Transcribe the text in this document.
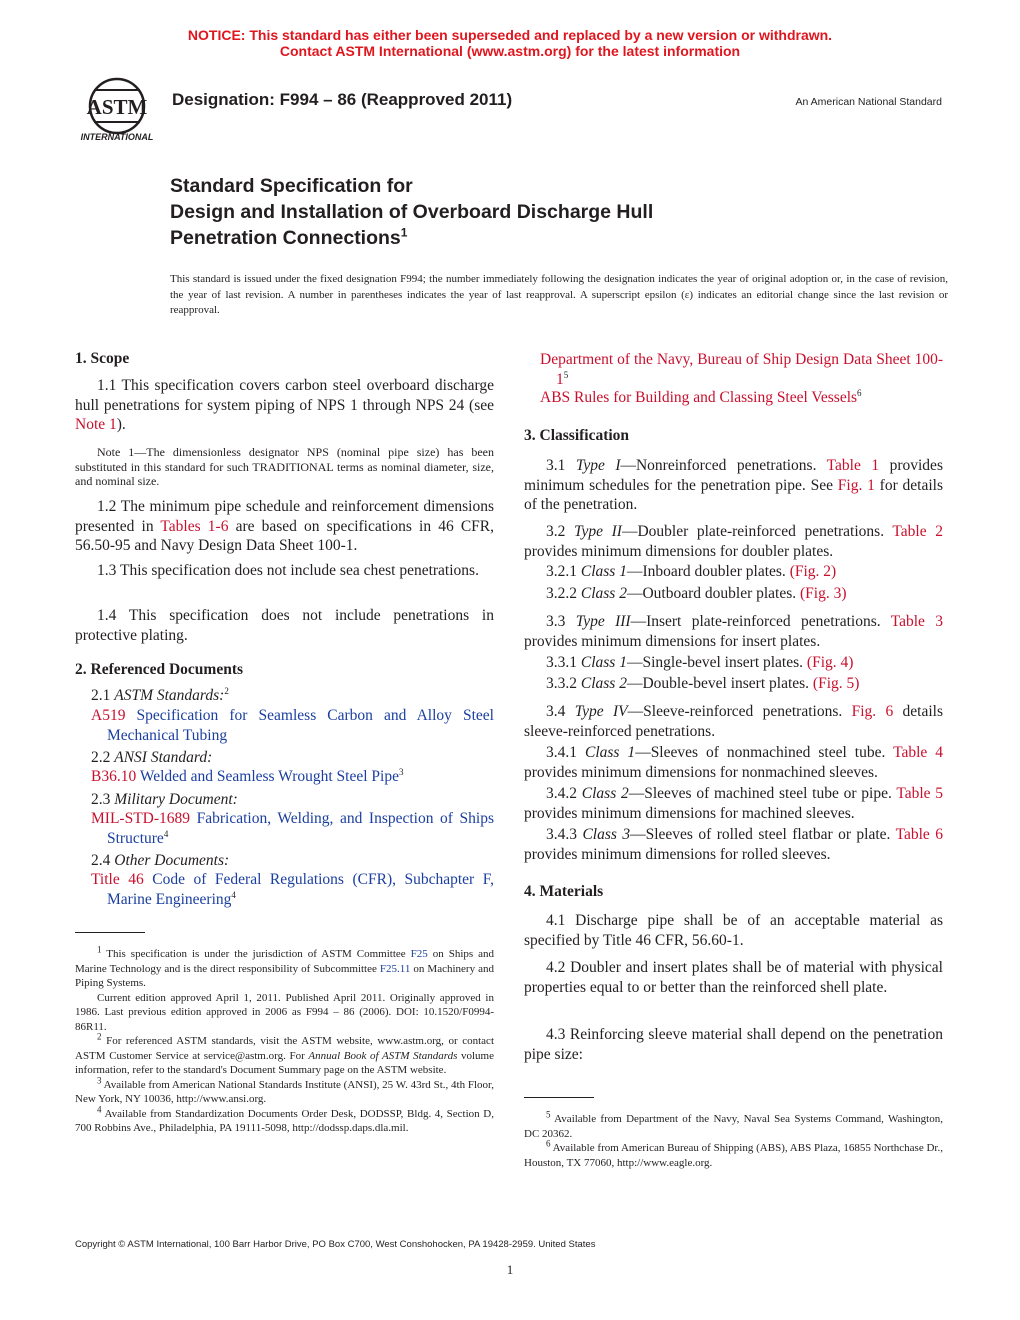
NOTICE: This standard has either been superseded and replaced by a new version or withdrawn.
Contact ASTM International (www.astm.org) for the latest information
ASTM
INTERNATIONAL
Designation: F994 – 86 (Reapproved 2011)	An American National Standard
Standard Specification for
Design and Installation of Overboard Discharge Hull
Penetration Connections$^1$
This standard is issued under the fixed designation F994; the number immediately following the designation indicates the year of original adoption or, in the case of revision, the year of last revision. A number in parentheses indicates the year of last reapproval. A superscript epsilon (ε) indicates an editorial change since the last revision or reapproval.
1. Scope

1.1 This specification covers carbon steel overboard discharge hull penetrations for system piping of NPS 1 through NPS 24 (see Note 1).

Note 1—The dimensionless designator NPS (nominal pipe size) has been substituted in this standard for such TRADITIONAL terms as nominal diameter, size, and nominal size.

1.2 The minimum pipe schedule and reinforcement dimensions presented in Tables 1-6 are based on specifications in 46 CFR, 56.50-95 and Navy Design Data Sheet 100-1.

1.3 This specification does not include sea chest penetrations.

1.4 This specification does not include penetrations in protective plating.

2. Referenced Documents

2.1 ASTM Standards:$^2$

A519 Specification for Seamless Carbon and Alloy Steel Mechanical Tubing

2.2 ANSI Standard:

B36.10 Welded and Seamless Wrought Steel Pipe$^3$

2.3 Military Document:

MIL-STD-1689 Fabrication, Welding, and Inspection of Ships Structure$^4$

2.4 Other Documents:

Title 46 Code of Federal Regulations (CFR), Subchapter F, Marine Engineering$^4$

$^1$ This specification is under the jurisdiction of ASTM Committee F25 on Ships and Marine Technology and is the direct responsibility of Subcommittee F25.11 on Machinery and Piping Systems.

Current edition approved April 1, 2011. Published April 2011. Originally approved in 1986. Last previous edition approved in 2006 as F994 – 86 (2006). DOI: 10.1520/F0994-86R11.

$^2$ For referenced ASTM standards, visit the ASTM website, www.astm.org, or contact ASTM Customer Service at service@astm.org. For Annual Book of ASTM Standards volume information, refer to the standard's Document Summary page on the ASTM website.

$^3$ Available from American National Standards Institute (ANSI), 25 W. 43rd St., 4th Floor, New York, NY 10036, http://www.ansi.org.

$^4$ Available from Standardization Documents Order Desk, DODSSP, Bldg. 4, Section D, 700 Robbins Ave., Philadelphia, PA 19111-5098, http://dodssp.daps.dla.mil.

Department of the Navy, Bureau of Ship Design Data Sheet $100-1^5$

ABS Rules for Building and Classing Steel Vessels$^6$

3. Classification

3.1 Type I—Nonreinforced penetrations. Table 1 provides minimum schedules for the penetration pipe. See Fig. 1 for details of the penetration.

3.2 Type II—Doubler plate-reinforced penetrations. Table 2 provides minimum dimensions for doubler plates.

3.2.1 Class 1—Inboard doubler plates. (Fig. 2)

3.2.2 Class 2—Outboard doubler plates. (Fig. 3)

3.3 Type III—Insert plate-reinforced penetrations. Table 3 provides minimum dimensions for insert plates.

3.3.1 Class 1—Single-bevel insert plates. (Fig. 4)

3.3.2 Class 2—Double-bevel insert plates. (Fig. 5)

3.4 Type IV—Sleeve-reinforced penetrations. Fig. 6 details sleeve-reinforced penetrations.

3.4.1 Class 1—Sleeves of nonmachined steel tube. Table 4 provides minimum dimensions for nonmachined sleeves.

3.4.2 Class 2—Sleeves of machined steel tube or pipe. Table 5 provides minimum dimensions for machined sleeves.

3.4.3 Class 3—Sleeves of rolled steel flatbar or plate. Table 6 provides minimum dimensions for rolled sleeves.

4. Materials

4.1 Discharge pipe shall be of an acceptable material as specified by Title 46 CFR, 56.60-1.

4.2 Doubler and insert plates shall be of material with physical properties equal to or better than the reinforced shell plate.

4.3 Reinforcing sleeve material shall depend on the penetration pipe size:

$^5$ Available from Department of the Navy, Naval Sea Systems Command, Washington, DC 20362.

$^6$ Available from American Bureau of Shipping (ABS), ABS Plaza, 16855 Northchase Dr., Houston, TX 77060, http://www.eagle.org.

Copyright © ASTM International, 100 Barr Harbor Drive, PO Box C700, West Conshohocken, PA 19428-2959. United States
1
